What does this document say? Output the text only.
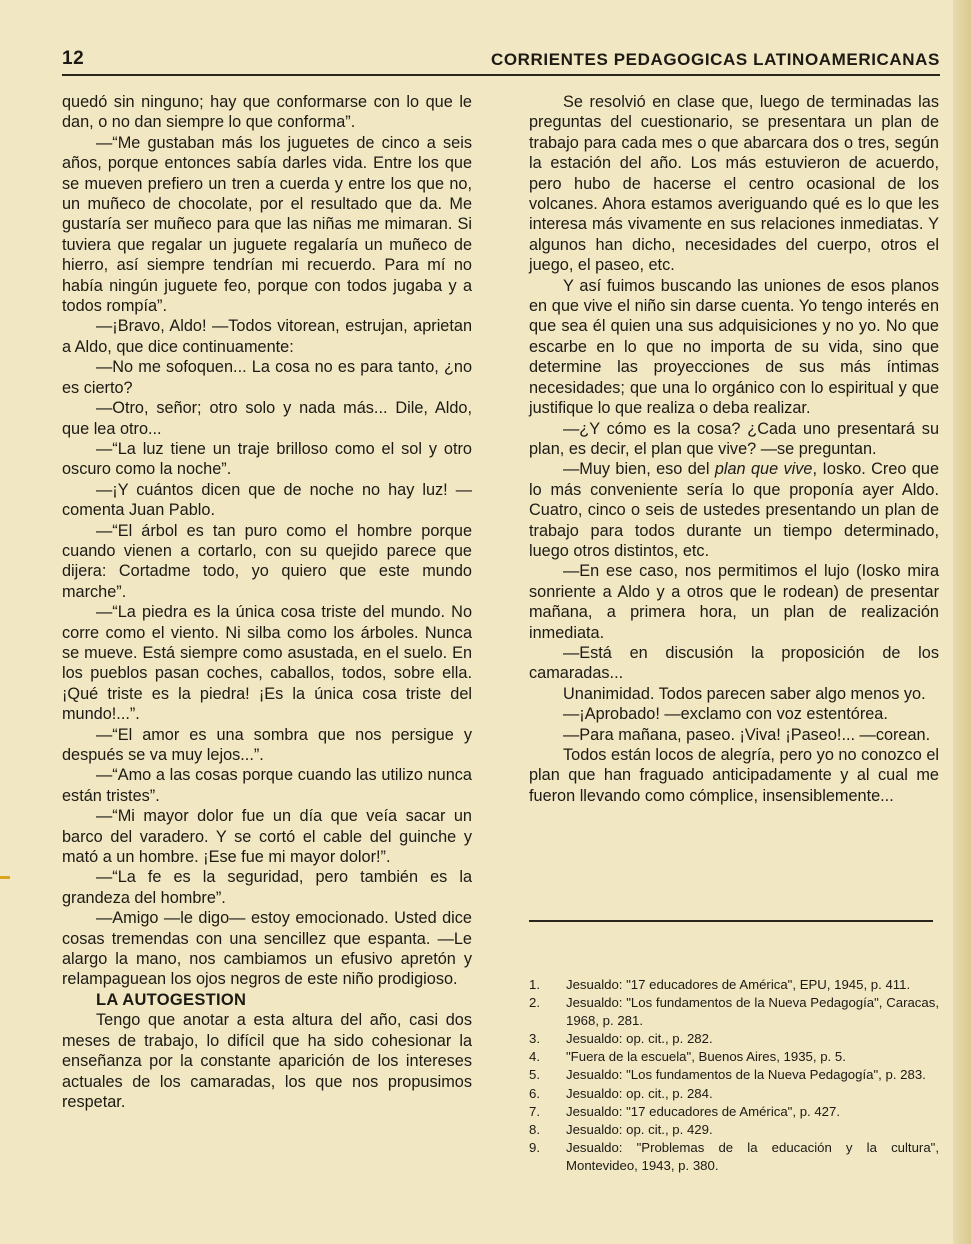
12	CORRIENTES PEDAGOGICAS LATINOAMERICANAS

quedó sin ninguno; hay que conformarse con lo que le dan, o no dan siempre lo que conforma”.

—“Me gustaban más los juguetes de cinco a seis años, porque entonces sabía darles vida. Entre los que se mueven prefiero un tren a cuerda y entre los que no, un muñeco de chocolate, por el resultado que da. Me gustaría ser muñeco para que las niñas me mimaran. Si tuviera que regalar un juguete regalaría un muñeco de hierro, así siempre tendrían mi recuerdo. Para mí no había ningún juguete feo, porque con todos jugaba y a todos rompía”.

—¡Bravo, Aldo! —Todos vitorean, estrujan, aprietan a Aldo, que dice continuamente:

—No me sofoquen... La cosa no es para tanto, ¿no es cierto?

—Otro, señor; otro solo y nada más... Dile, Aldo, que lea otro...

—“La luz tiene un traje brilloso como el sol y otro oscuro como la noche”.

—¡Y cuántos dicen que de noche no hay luz! —comenta Juan Pablo.

—“El árbol es tan puro como el hombre porque cuando vienen a cortarlo, con su quejido parece que dijera: Cortadme todo, yo quiero que este mundo marche”.

—“La piedra es la única cosa triste del mundo. No corre como el viento. Ni silba como los árboles. Nunca se mueve. Está siempre como asustada, en el suelo. En los pueblos pasan coches, caballos, todos, sobre ella. ¡Qué triste es la piedra! ¡Es la única cosa triste del mundo!...”.

—“El amor es una sombra que nos persigue y después se va muy lejos...”.

—“Amo a las cosas porque cuando las utilizo nunca están tristes”.

—“Mi mayor dolor fue un día que veía sacar un barco del varadero. Y se cortó el cable del guinche y mató a un hombre. ¡Ese fue mi mayor dolor!”.

—“La fe es la seguridad, pero también es la grandeza del hombre”.

—Amigo —le digo— estoy emocionado. Usted dice cosas tremendas con una sencillez que espanta. —Le alargo la mano, nos cambiamos un efusivo apretón y relampaguean los ojos negros de este niño prodigioso.

LA AUTOGESTION

Tengo que anotar a esta altura del año, casi dos meses de trabajo, lo difícil que ha sido cohesionar la enseñanza por la constante aparición de los intereses actuales de los camaradas, los que nos propusimos respetar.

Se resolvió en clase que, luego de terminadas las preguntas del cuestionario, se presentara un plan de trabajo para cada mes o que abarcara dos o tres, según la estación del año. Los más estuvieron de acuerdo, pero hubo de hacerse el centro ocasional de los volcanes. Ahora estamos averiguando qué es lo que les interesa más vivamente en sus relaciones inmediatas. Y algunos han dicho, necesidades del cuerpo, otros el juego, el paseo, etc.

Y así fuimos buscando las uniones de esos planos en que vive el niño sin darse cuenta. Yo tengo interés en que sea él quien una sus adquisiciones y no yo. No que escarbe en lo que no importa de su vida, sino que determine las proyecciones de sus más íntimas necesidades; que una lo orgánico con lo espiritual y que justifique lo que realiza o deba realizar.

—¿Y cómo es la cosa? ¿Cada uno presentará su plan, es decir, el plan que vive? —se preguntan.

—Muy bien, eso del plan que vive, Iosko. Creo que lo más conveniente sería lo que proponía ayer Aldo. Cuatro, cinco o seis de ustedes presentando un plan de trabajo para todos durante un tiempo determinado, luego otros distintos, etc.

—En ese caso, nos permitimos el lujo (Iosko mira sonriente a Aldo y a otros que le rodean) de presentar mañana, a primera hora, un plan de realización inmediata.

—Está en discusión la proposición de los camaradas...

Unanimidad. Todos parecen saber algo menos yo.

—¡Aprobado! —exclamo con voz estentórea.

—Para mañana, paseo. ¡Viva! ¡Paseo!... —corean.

Todos están locos de alegría, pero yo no conozco el plan que han fraguado anticipadamente y al cual me fueron llevando como cómplice, insensiblemente...

1.	Jesualdo: "17 educadores de América", EPU, 1945, p. 411.
2.	Jesualdo: "Los fundamentos de la Nueva Pedagogía", Caracas, 1968, p. 281.
3.	Jesualdo: op. cit., p. 282.
4.	"Fuera de la escuela", Buenos Aires, 1935, p. 5.
5.	Jesualdo: "Los fundamentos de la Nueva Pedagogía", p. 283.
6.	Jesualdo: op. cit., p. 284.
7.	Jesualdo: "17 educadores de América", p. 427.
8.	Jesualdo: op. cit., p. 429.
9.	Jesualdo: "Problemas de la educación y la cultura", Montevideo, 1943, p. 380.
